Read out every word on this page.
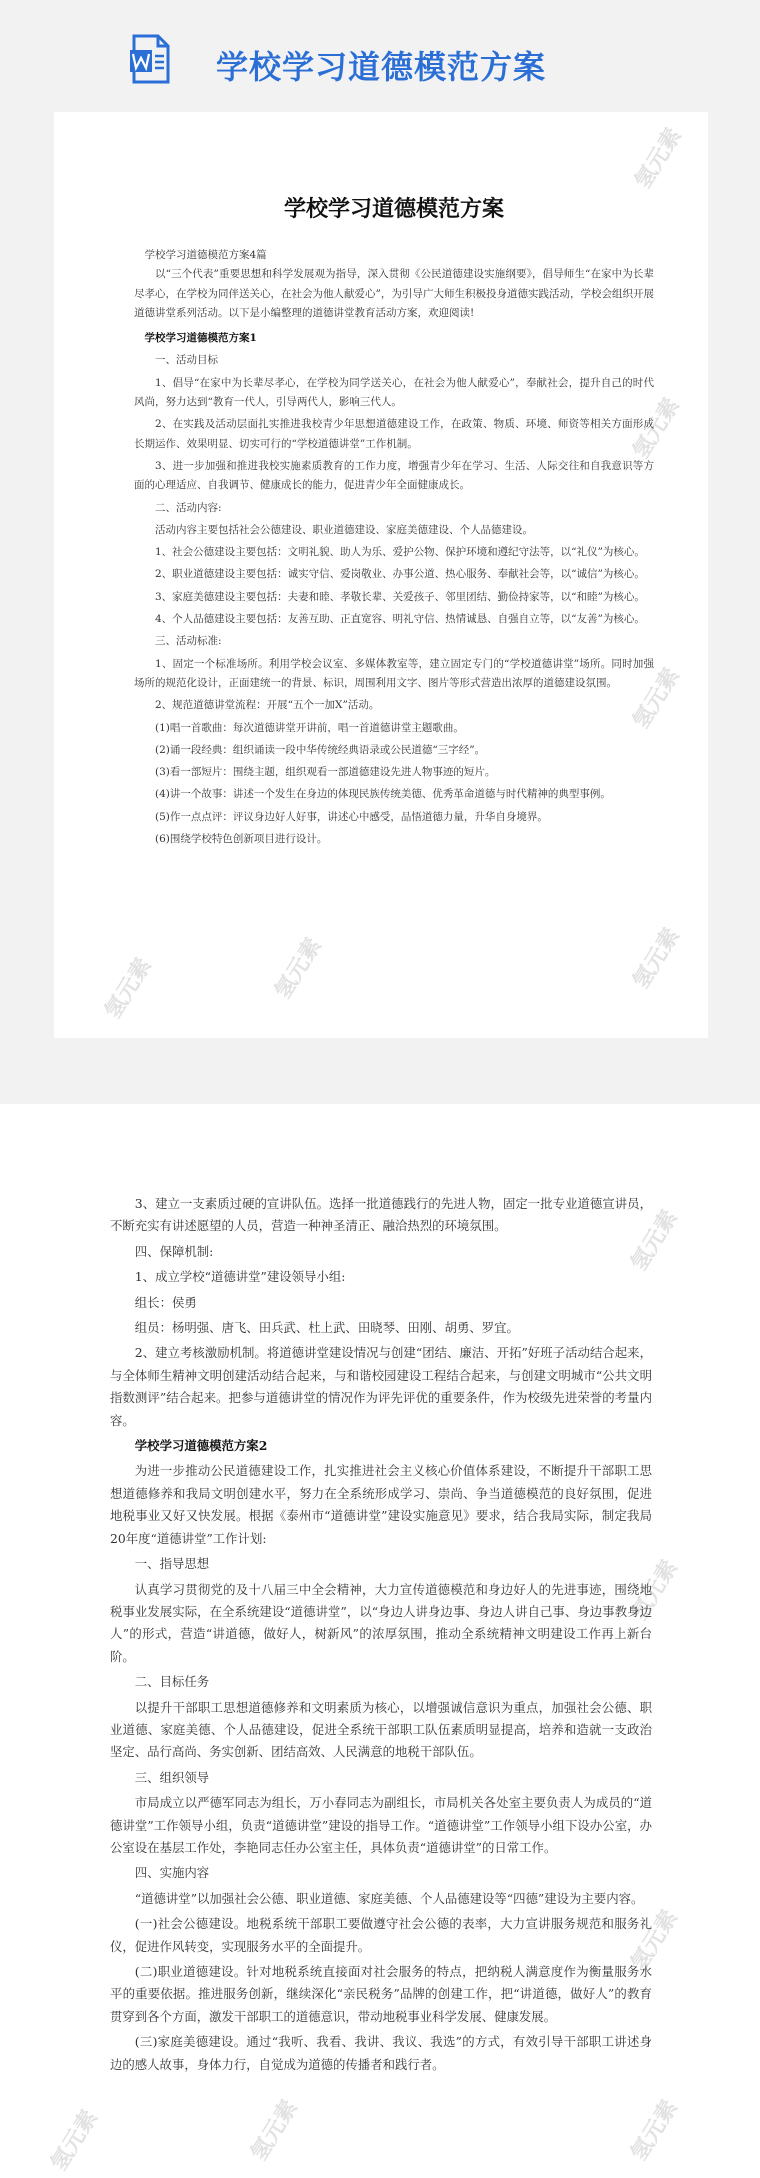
学校学习道德模范方案
氢元素
氢元素
氢元素
氢元素
氢元素
氢元素
学校学习道德模范方案

学校学习道德模范方案4篇

以“三个代表”重要思想和科学发展观为指导，深入贯彻《公民道德建设实施纲要》，倡导师生“在家中为长辈尽孝心，在学校为同伴送关心，在社会为他人献爱心”，为引导广大师生积极投身道德实践活动，学校会组织开展道德讲堂系列活动。以下是小编整理的道德讲堂教育活动方案，欢迎阅读!

学校学习道德模范方案1

一、活动目标

1、倡导“在家中为长辈尽孝心，在学校为同学送关心，在社会为他人献爱心”，奉献社会，提升自己的时代风尚，努力达到“教育一代人，引导两代人，影响三代人。

2、在实践及活动层面扎实推进我校青少年思想道德建设工作，在政策、物质、环境、师资等相关方面形成长期运作、效果明显、切实可行的“学校道德讲堂”工作机制。

3、进一步加强和推进我校实施素质教育的工作力度，增强青少年在学习、生活、人际交往和自我意识等方面的心理适应、自我调节、健康成长的能力，促进青少年全面健康成长。

二、活动内容:

活动内容主要包括社会公德建设、职业道德建设、家庭美德建设、个人品德建设。

1、社会公德建设主要包括：文明礼貌、助人为乐、爱护公物、保护环境和遵纪守法等，以“礼仪”为核心。

2、职业道德建设主要包括：诚实守信、爱岗敬业、办事公道、热心服务、奉献社会等，以“诚信”为核心。

3、家庭美德建设主要包括：夫妻和睦、孝敬长辈、关爱孩子、邻里团结、勤俭持家等，以“和睦”为核心。

4、个人品德建设主要包括：友善互助、正直宽容、明礼守信、热情诚恳、自强自立等，以“友善”为核心。

三、活动标准:

1、固定一个标准场所。利用学校会议室、多媒体教室等，建立固定专门的“学校道德讲堂”场所。同时加强场所的规范化设计，正面建统一的背景、标识，周围利用文字、图片等形式营造出浓厚的道德建设氛围。

2、规范道德讲堂流程：开展“五个一加X”活动。

(1)唱一首歌曲：每次道德讲堂开讲前，唱一首道德讲堂主题歌曲。

(2)诵一段经典：组织诵读一段中华传统经典语录或公民道德“三字经”。

(3)看一部短片：围绕主题，组织观看一部道德建设先进人物事迹的短片。

(4)讲一个故事：讲述一个发生在身边的体现民族传统美德、优秀革命道德与时代精神的典型事例。

(5)作一点点评：评议身边好人好事，讲述心中感受，品悟道德力量，升华自身境界。

(6)围绕学校特色创新项目进行设计。

氢元素
氢元素
氢元素
氢元素
氢元素
氢元素

3、建立一支素质过硬的宣讲队伍。选择一批道德践行的先进人物，固定一批专业道德宣讲员，不断充实有讲述愿望的人员，营造一种神圣清正、融洽热烈的环境氛围。

四、保障机制:

1、成立学校“道德讲堂”建设领导小组:

组长：侯勇

组员：杨明强、唐飞、田兵武、杜上武、田晓琴、田刚、胡勇、罗宜。

2、建立考核激励机制。将道德讲堂建设情况与创建“团结、廉洁、开拓”好班子活动结合起来，与全体师生精神文明创建活动结合起来，与和谐校园建设工程结合起来，与创建文明城市“公共文明指数测评”结合起来。把参与道德讲堂的情况作为评先评优的重要条件，作为校级先进荣誉的考量内容。

学校学习道德模范方案2

为进一步推动公民道德建设工作，扎实推进社会主义核心价值体系建设，不断提升干部职工思想道德修养和我局文明创建水平，努力在全系统形成学习、崇尚、争当道德模范的良好氛围，促进地税事业又好又快发展。根据《泰州市“道德讲堂”建设实施意见》要求，结合我局实际，制定我局20年度“道德讲堂”工作计划:

一、指导思想

认真学习贯彻党的及十八届三中全会精神，大力宣传道德模范和身边好人的先进事迹，围绕地税事业发展实际，在全系统建设“道德讲堂”，以“身边人讲身边事、身边人讲自己事、身边事教身边人”的形式，营造“讲道德，做好人，树新风”的浓厚氛围，推动全系统精神文明建设工作再上新台阶。

二、目标任务

以提升干部职工思想道德修养和文明素质为核心，以增强诚信意识为重点，加强社会公德、职业道德、家庭美德、个人品德建设，促进全系统干部职工队伍素质明显提高，培养和造就一支政治坚定、品行高尚、务实创新、团结高效、人民满意的地税干部队伍。

三、组织领导

市局成立以严德军同志为组长，万小春同志为副组长，市局机关各处室主要负责人为成员的“道德讲堂”工作领导小组，负责“道德讲堂”建设的指导工作。“道德讲堂”工作领导小组下设办公室，办公室设在基层工作处，李艳同志任办公室主任，具体负责“道德讲堂”的日常工作。

四、实施内容

“道德讲堂”以加强社会公德、职业道德、家庭美德、个人品德建设等“四德”建设为主要内容。

(一)社会公德建设。地税系统干部职工要做遵守社会公德的表率，大力宣讲服务规范和服务礼仪，促进作风转变，实现服务水平的全面提升。

(二)职业道德建设。针对地税系统直接面对社会服务的特点，把纳税人满意度作为衡量服务水平的重要依据。推进服务创新，继续深化“亲民税务”品牌的创建工作，把“讲道德，做好人”的教育贯穿到各个方面，激发干部职工的道德意识，带动地税事业科学发展、健康发展。

(三)家庭美德建设。通过“我听、我看、我讲、我议、我选”的方式，有效引导干部职工讲述身边的感人故事，身体力行，自觉成为道德的传播者和践行者。
